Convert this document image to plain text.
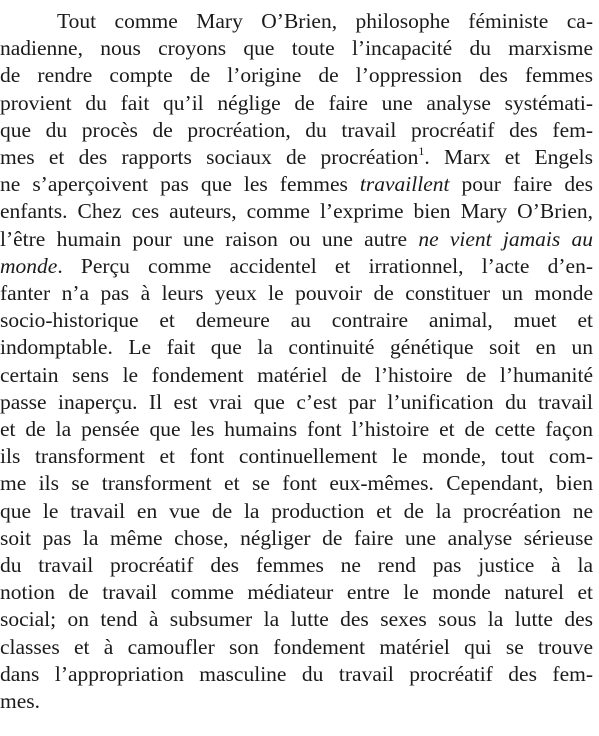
Tout comme Mary O’Brien, philosophe féministe ca-
nadienne, nous croyons que toute l’incapacité du marxisme
de rendre compte de l’origine de l’oppression des femmes
provient du fait qu’il néglige de faire une analyse systémati-
que du procès de procréation, du travail procréatif des fem-
mes et des rapports sociaux de procréation$^1$. Marx et Engels
ne s’aperçoivent pas que les femmes travaillent pour faire des
enfants. Chez ces auteurs, comme l’exprime bien Mary O’Brien,
l’être humain pour une raison ou une autre ne vient jamais au
monde. Perçu comme accidentel et irrationnel, l’acte d’en-
fanter n’a pas à leurs yeux le pouvoir de constituer un monde
socio-historique et demeure au contraire animal, muet et
indomptable. Le fait que la continuité génétique soit en un
certain sens le fondement matériel de l’histoire de l’humanité
passe inaperçu. Il est vrai que c’est par l’unification du travail
et de la pensée que les humains font l’histoire et de cette façon
ils transforment et font continuellement le monde, tout com-
me ils se transforment et se font eux-mêmes. Cependant, bien
que le travail en vue de la production et de la procréation ne
soit pas la même chose, négliger de faire une analyse sérieuse
du travail procréatif des femmes ne rend pas justice à la
notion de travail comme médiateur entre le monde naturel et
social; on tend à subsumer la lutte des sexes sous la lutte des
classes et à camoufler son fondement matériel qui se trouve
dans l’appropriation masculine du travail procréatif des fem-
mes.
